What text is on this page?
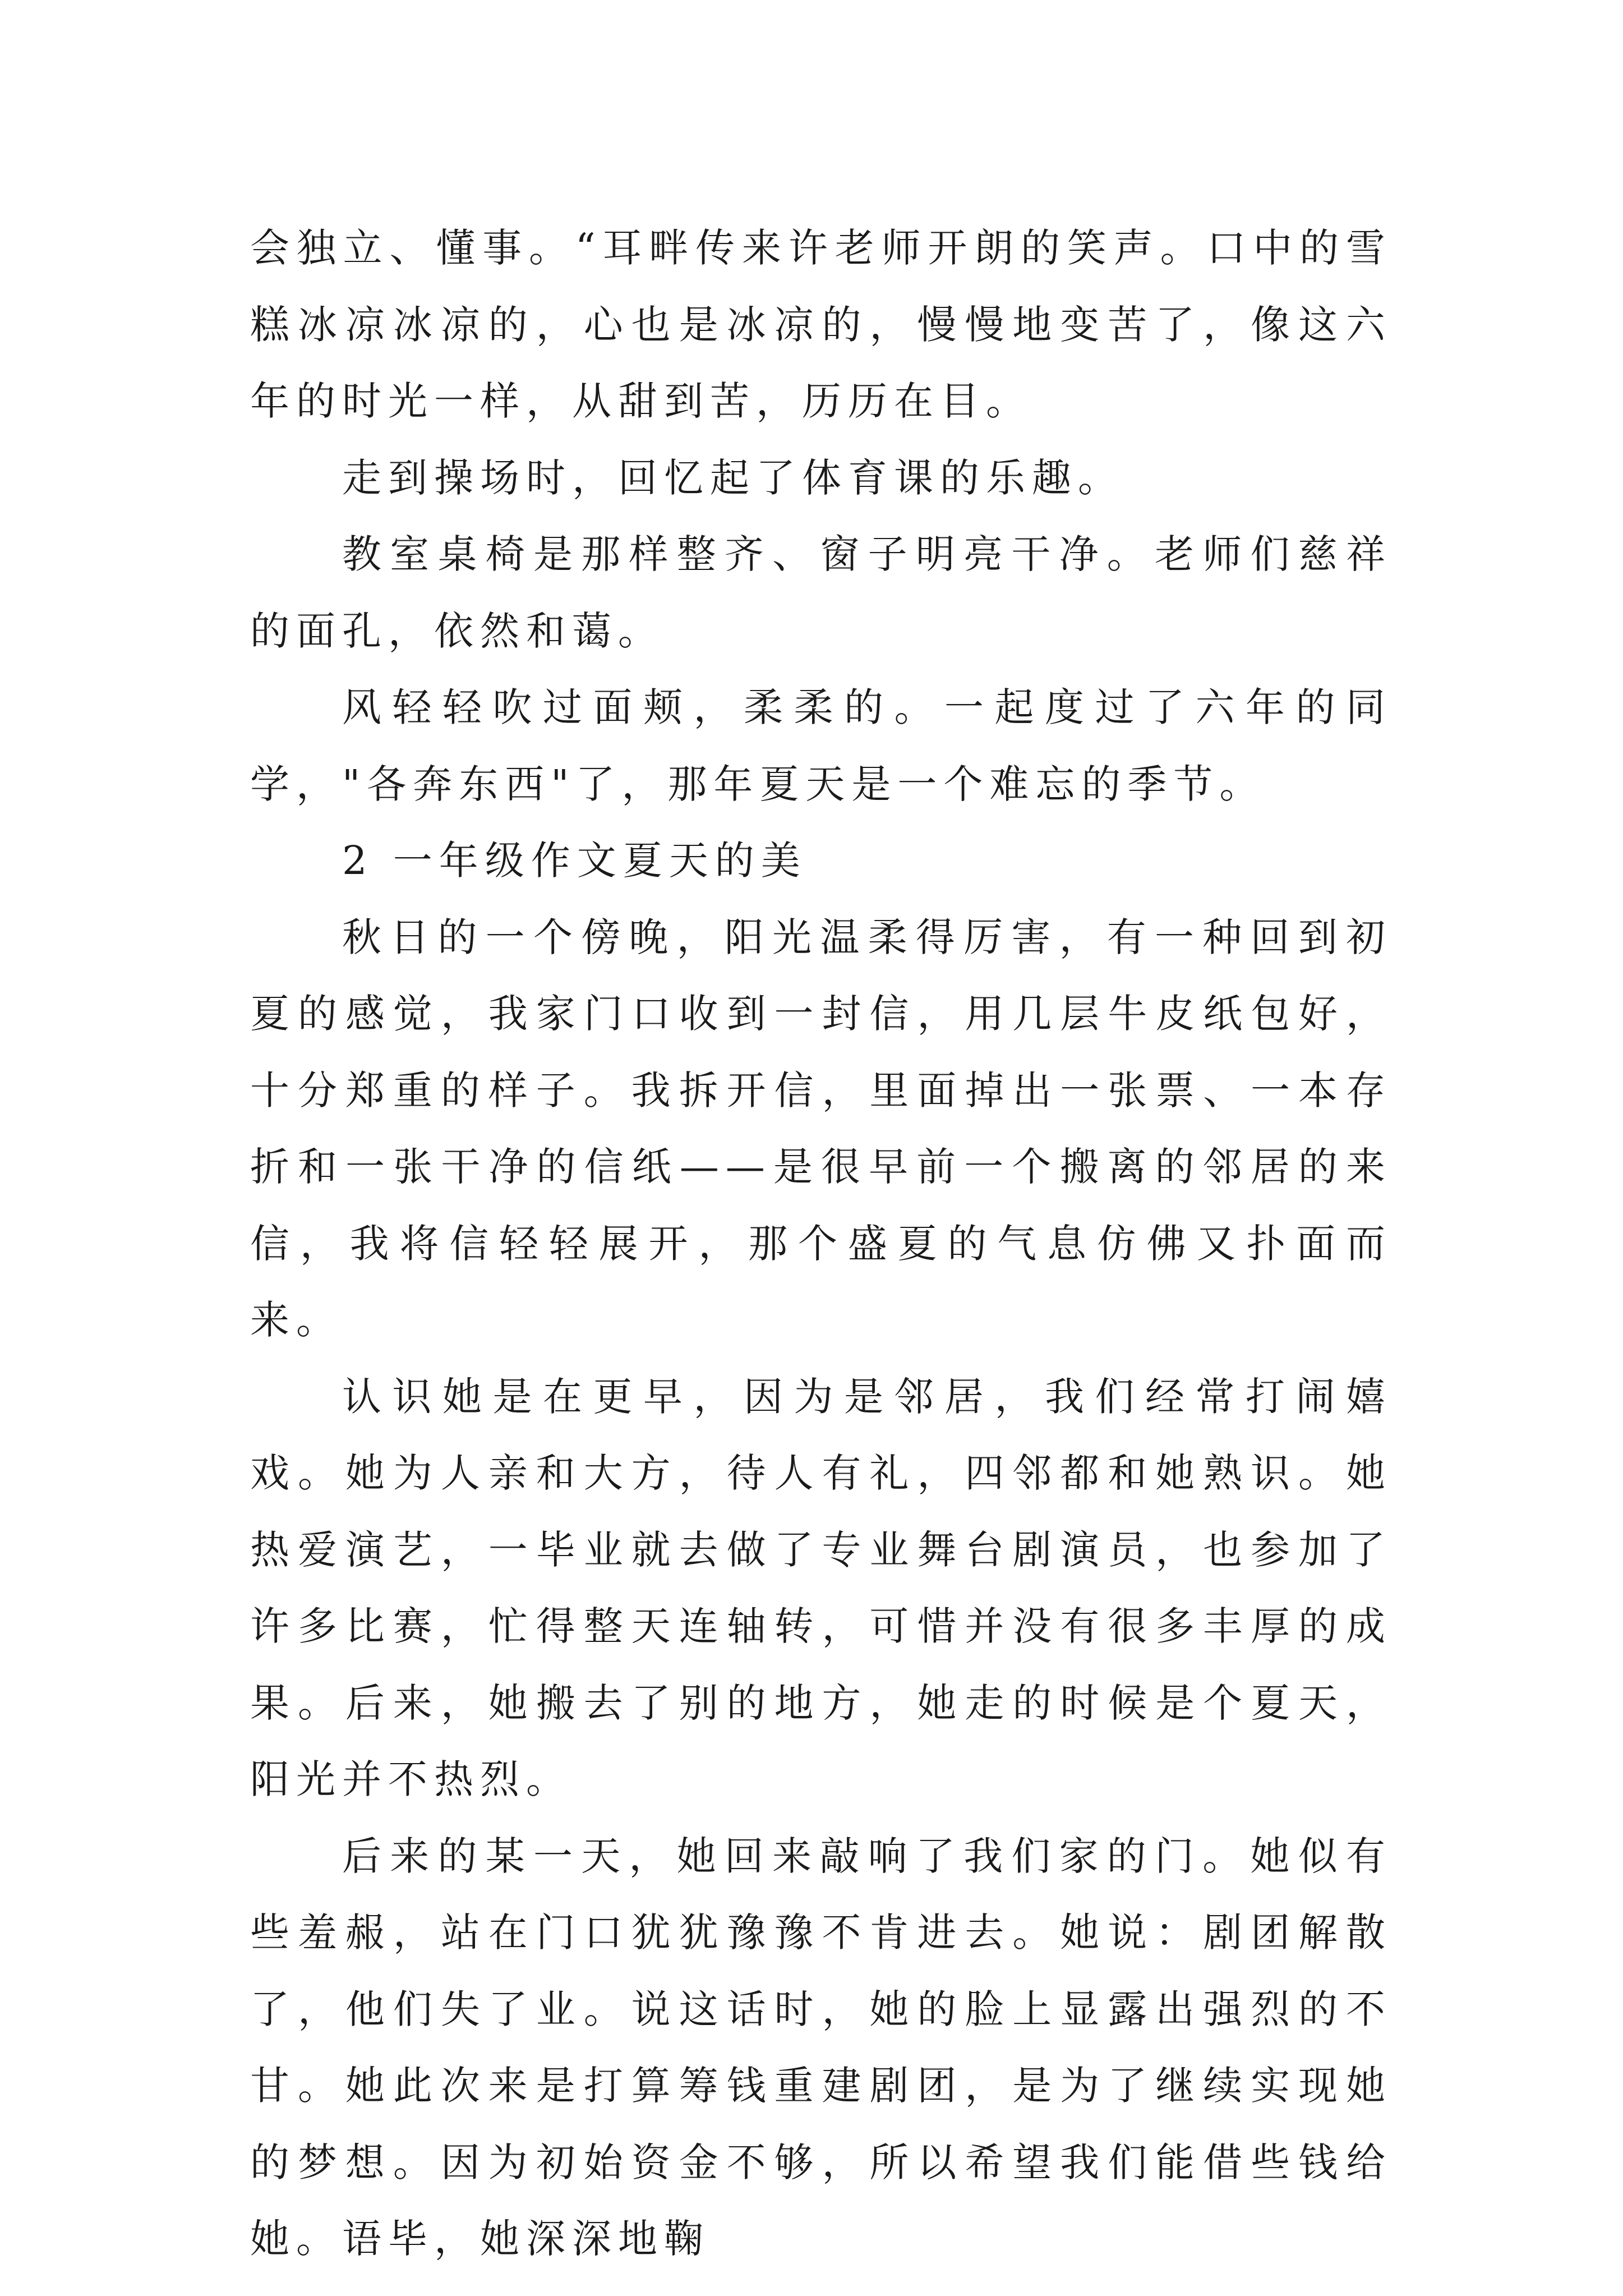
会独立、懂事。“耳畔传来许老师开朗的笑声。口中的雪糕冰凉冰凉的，心也是冰凉的，慢慢地变苦了，像这六年的时光一样，从甜到苦，历历在目。

走到操场时，回忆起了体育课的乐趣。

教室桌椅是那样整齐、窗子明亮干净。老师们慈祥的面孔，依然和蔼。

风轻轻吹过面颊，柔柔的。一起度过了六年的同学，"各奔东西"了，那年夏天是一个难忘的季节。

2 一年级作文夏天的美

秋日的一个傍晚，阳光温柔得厉害，有一种回到初夏的感觉，我家门口收到一封信，用几层牛皮纸包好，十分郑重的样子。我拆开信，里面掉出一张票、一本存折和一张干净的信纸——是很早前一个搬离的邻居的来信，我将信轻轻展开，那个盛夏的气息仿佛又扑面而来。

认识她是在更早，因为是邻居，我们经常打闹嬉戏。她为人亲和大方，待人有礼，四邻都和她熟识。她热爱演艺，一毕业就去做了专业舞台剧演员，也参加了许多比赛，忙得整天连轴转，可惜并没有很多丰厚的成果。后来，她搬去了别的地方，她走的时候是个夏天，阳光并不热烈。

后来的某一天，她回来敲响了我们家的门。她似有些羞赧，站在门口犹犹豫豫不肯进去。她说：剧团解散了，他们失了业。说这话时，她的脸上显露出强烈的不甘。她此次来是打算筹钱重建剧团，是为了继续实现她的梦想。因为初始资金不够，所以希望我们能借些钱给她。语毕，她深深地鞠
